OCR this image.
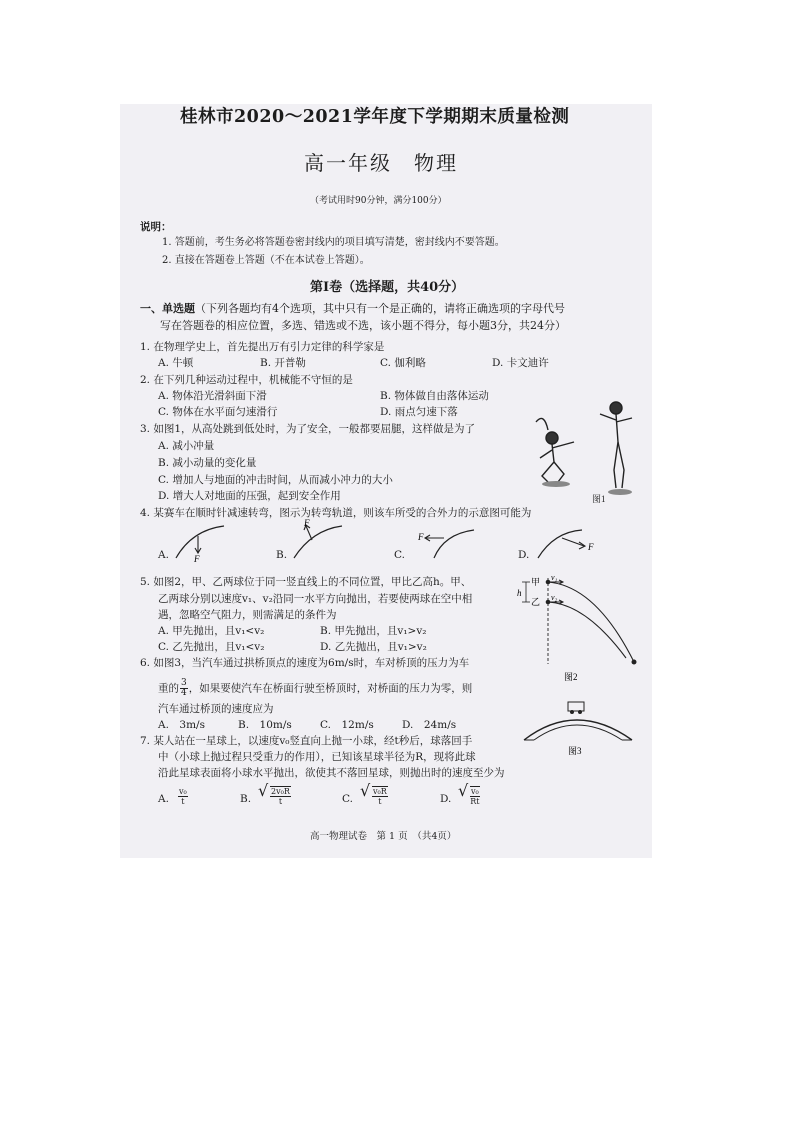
桂林市2020～2021学年度下学期期末质量检测
高一年级　物理
（考试用时90分钟，满分100分）
说明：
1. 答题前，考生务必将答题卷密封线内的项目填写清楚，密封线内不要答题。
2. 直接在答题卷上答题（不在本试卷上答题）。
第Ⅰ卷（选择题，共40分）
一、单选题（下列各题均有4个选项，其中只有一个是正确的，请将正确选项的字母代号
写在答题卷的相应位置，多选、错选或不选，该小题不得分，每小题3分，共24分）
1. 在物理学史上，首先提出万有引力定律的科学家是
A. 牛顿	B. 开普勒	C. 伽利略	D. 卡文迪许
2. 在下列几种运动过程中，机械能不守恒的是
A. 物体沿光滑斜面下滑	B. 物体做自由落体运动
C. 物体在水平面匀速滑行	D. 雨点匀速下落
3. 如图1，从高处跳到低处时，为了安全，一般都要屈腿，这样做是为了
A. 减小冲量
B. 减小动量的变化量
C. 增加人与地面的冲击时间，从而减小冲力的大小
D. 增大人对地面的压强，起到安全作用	图1
4. 某赛车在顺时针减速转弯，图示为转弯轨道，则该车所受的合外力的示意图可能为
A.	B.	C.	D.
F
F
F
F
5. 如图2，甲、乙两球位于同一竖直线上的不同位置，甲比乙高h。甲、
乙两球分别以速度v₁、v₂沿同一水平方向抛出，若要使两球在空中相
遇，忽略空气阻力，则需满足的条件为
A. 甲先抛出，且v₁<v₂	B. 甲先抛出，且v₁>v₂
C. 乙先抛出，且v₁<v₂	D. 乙先抛出，且v₁>v₂
甲
乙
h
v₁
v₂
图2
6. 如图3，当汽车通过拱桥顶点的速度为6m/s时，车对桥顶的压力为车
重的 $\frac{3}{4}$ ，如果要使汽车在桥面行驶至桥顶时，对桥面的压力为零，则
汽车通过桥顶的速度应为
A.　3m/s	B.　10m/s	C.　12m/s	D.　24m/s
图3
7. 某人站在一星球上，以速度v₀竖直向上抛一小球，经t秒后，球落回手
中（小球上抛过程只受重力的作用），已知该星球半径为R，现将此球
沿此星球表面将小球水平抛出，欲使其不落回星球，则抛出时的速度至少为
A. $\frac{\text{v₀}}{t}$	B. √ $\frac{\text{2v₀R}}{t}$	C. √ $\frac{\text{v₀R}}{t}$	D. √ $\frac{\text{v₀}}{Rt}$
高一物理试卷　第 1 页　（共4页）
